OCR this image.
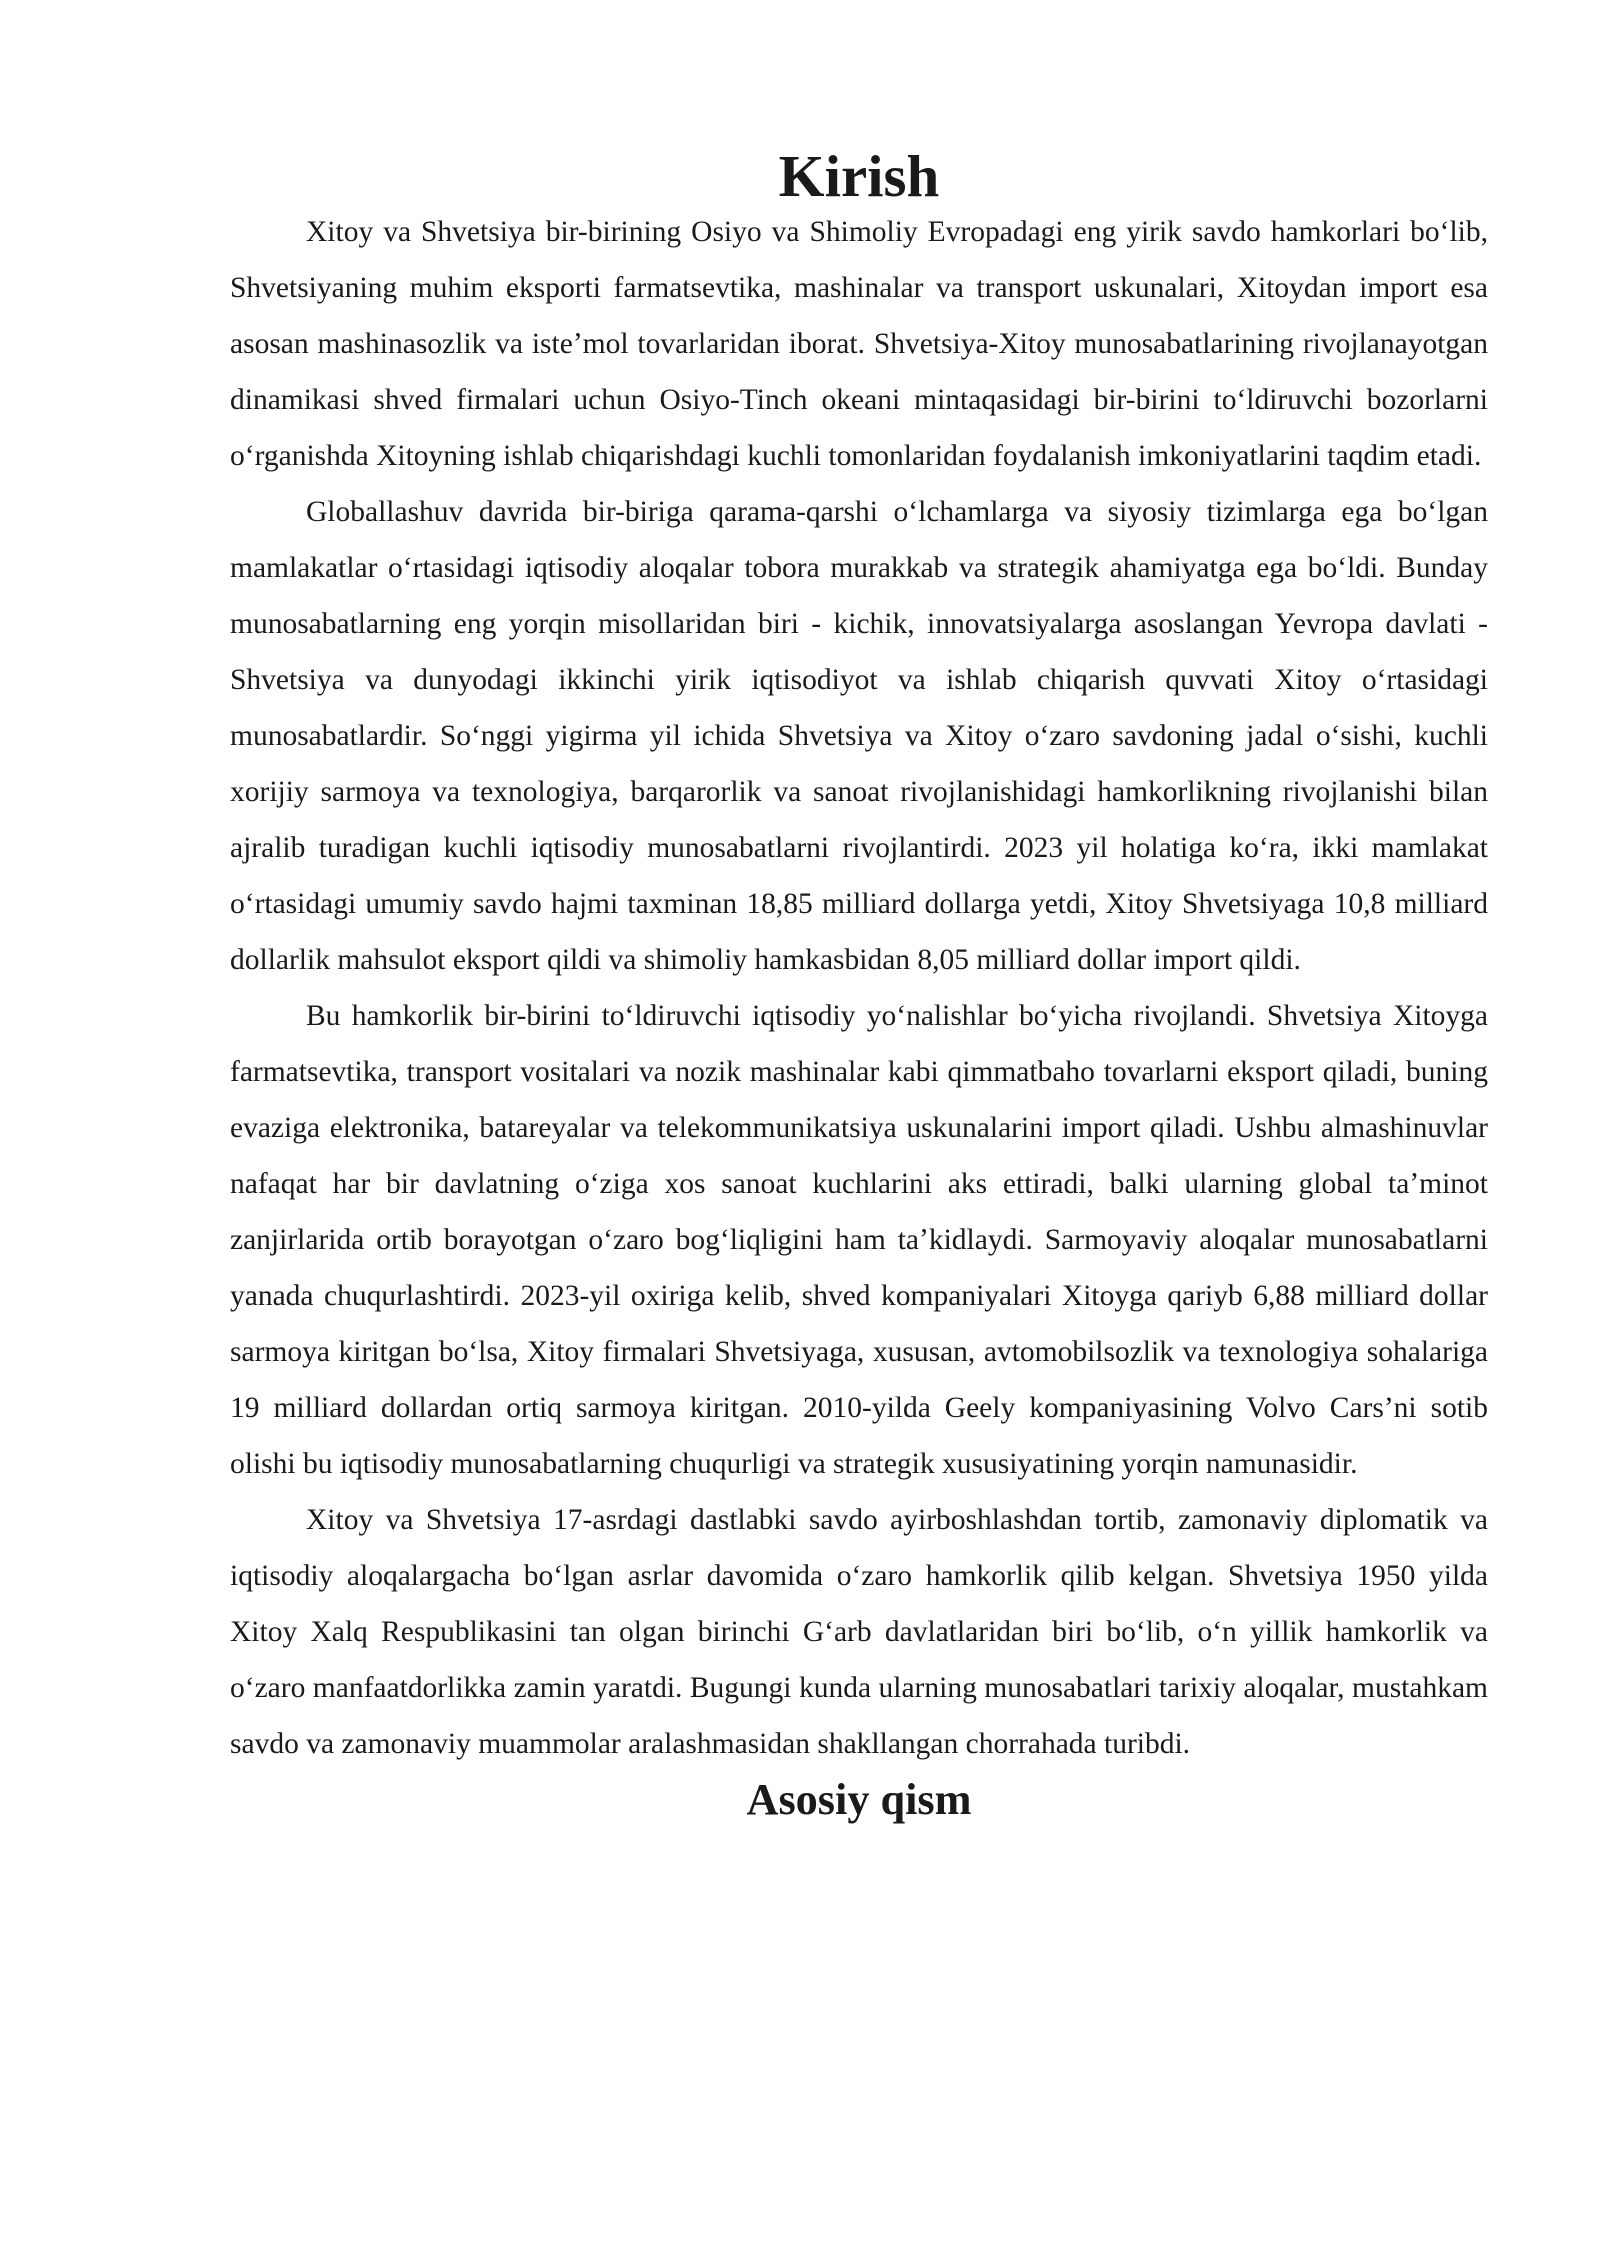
Kirish

Xitoy va Shvetsiya bir-birining Osiyo va Shimoliy Evropadagi eng yirik savdo hamkorlari boʻlib, Shvetsiyaning muhim eksporti farmatsevtika, mashinalar va transport uskunalari, Xitoydan import esa asosan mashinasozlik va isteʼmol tovarlaridan iborat. Shvetsiya-Xitoy munosabatlarining rivojlanayotgan dinamikasi shved firmalari uchun Osiyo-Tinch okeani mintaqasidagi bir-birini toʻldiruvchi bozorlarni oʻrganishda Xitoyning ishlab chiqarishdagi kuchli tomonlaridan foydalanish imkoniyatlarini taqdim etadi.

Globallashuv davrida bir-biriga qarama-qarshi oʻlchamlarga va siyosiy tizimlarga ega boʻlgan mamlakatlar oʻrtasidagi iqtisodiy aloqalar tobora murakkab va strategik ahamiyatga ega boʻldi. Bunday munosabatlarning eng yorqin misollaridan biri - kichik, innovatsiyalarga asoslangan Yevropa davlati - Shvetsiya va dunyodagi ikkinchi yirik iqtisodiyot va ishlab chiqarish quvvati Xitoy oʻrtasidagi munosabatlardir. Soʻnggi yigirma yil ichida Shvetsiya va Xitoy oʻzaro savdoning jadal oʻsishi, kuchli xorijiy sarmoya va texnologiya, barqarorlik va sanoat rivojlanishidagi hamkorlikning rivojlanishi bilan ajralib turadigan kuchli iqtisodiy munosabatlarni rivojlantirdi. 2023 yil holatiga koʻra, ikki mamlakat oʻrtasidagi umumiy savdo hajmi taxminan 18,85 milliard dollarga yetdi, Xitoy Shvetsiyaga 10,8 milliard dollarlik mahsulot eksport qildi va shimoliy hamkasbidan 8,05 milliard dollar import qildi.

Bu hamkorlik bir-birini toʻldiruvchi iqtisodiy yoʻnalishlar boʻyicha rivojlandi. Shvetsiya Xitoyga farmatsevtika, transport vositalari va nozik mashinalar kabi qimmatbaho tovarlarni eksport qiladi, buning evaziga elektronika, batareyalar va telekommunikatsiya uskunalarini import qiladi. Ushbu almashinuvlar nafaqat har bir davlatning oʻziga xos sanoat kuchlarini aks ettiradi, balki ularning global taʼminot zanjirlarida ortib borayotgan oʻzaro bogʻliqligini ham taʼkidlaydi. Sarmoyaviy aloqalar munosabatlarni yanada chuqurlashtirdi. 2023-yil oxiriga kelib, shved kompaniyalari Xitoyga qariyb 6,88 milliard dollar sarmoya kiritgan boʻlsa, Xitoy firmalari Shvetsiyaga, xususan, avtomobilsozlik va texnologiya sohalariga 19 milliard dollardan ortiq sarmoya kiritgan. 2010-yilda Geely kompaniyasining Volvo Cars’ni sotib olishi bu iqtisodiy munosabatlarning chuqurligi va strategik xususiyatining yorqin namunasidir.

Xitoy va Shvetsiya 17-asrdagi dastlabki savdo ayirboshlashdan tortib, zamonaviy diplomatik va iqtisodiy aloqalargacha boʻlgan asrlar davomida oʻzaro hamkorlik qilib kelgan. Shvetsiya 1950 yilda Xitoy Xalq Respublikasini tan olgan birinchi Gʻarb davlatlaridan biri boʻlib, oʻn yillik hamkorlik va oʻzaro manfaatdorlikka zamin yaratdi. Bugungi kunda ularning munosabatlari tarixiy aloqalar, mustahkam savdo va zamonaviy muammolar aralashmasidan shakllangan chorrahada turibdi.

Asosiy qism
